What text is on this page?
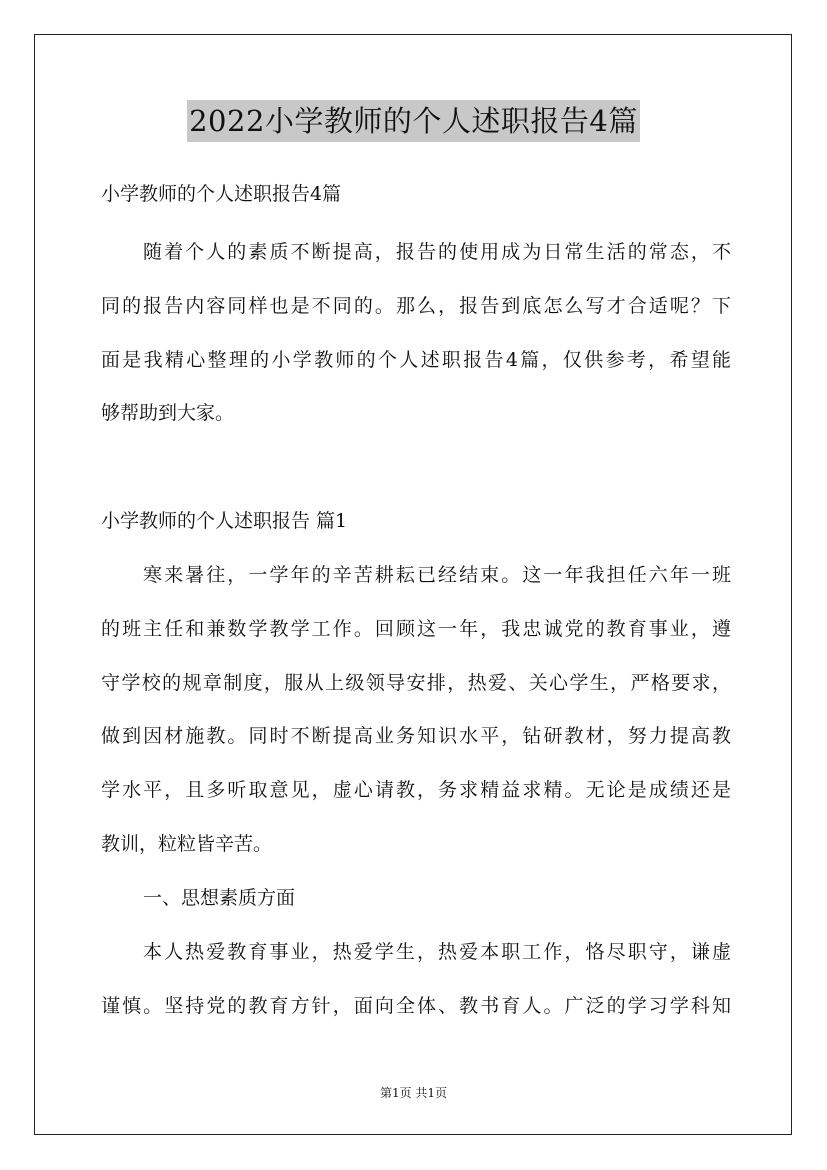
2022小学教师的个人述职报告4篇
小学教师的个人述职报告4篇
随着个人的素质不断提高，报告的使用成为日常生活的常态，不
同的报告内容同样也是不同的。那么，报告到底怎么写才合适呢？下
面是我精心整理的小学教师的个人述职报告4篇，仅供参考，希望能
够帮助到大家。
小学教师的个人述职报告 篇1
寒来暑往，一学年的辛苦耕耘已经结束。这一年我担任六年一班
的班主任和兼数学教学工作。回顾这一年，我忠诚党的教育事业，遵
守学校的规章制度，服从上级领导安排，热爱、关心学生，严格要求，
做到因材施教。同时不断提高业务知识水平，钻研教材，努力提高教
学水平，且多听取意见，虚心请教，务求精益求精。无论是成绩还是
教训，粒粒皆辛苦。
一、思想素质方面
本人热爱教育事业，热爱学生，热爱本职工作，恪尽职守，谦虚
谨慎。坚持党的教育方针，面向全体、教书育人。广泛的学习学科知
第1页 共1页
